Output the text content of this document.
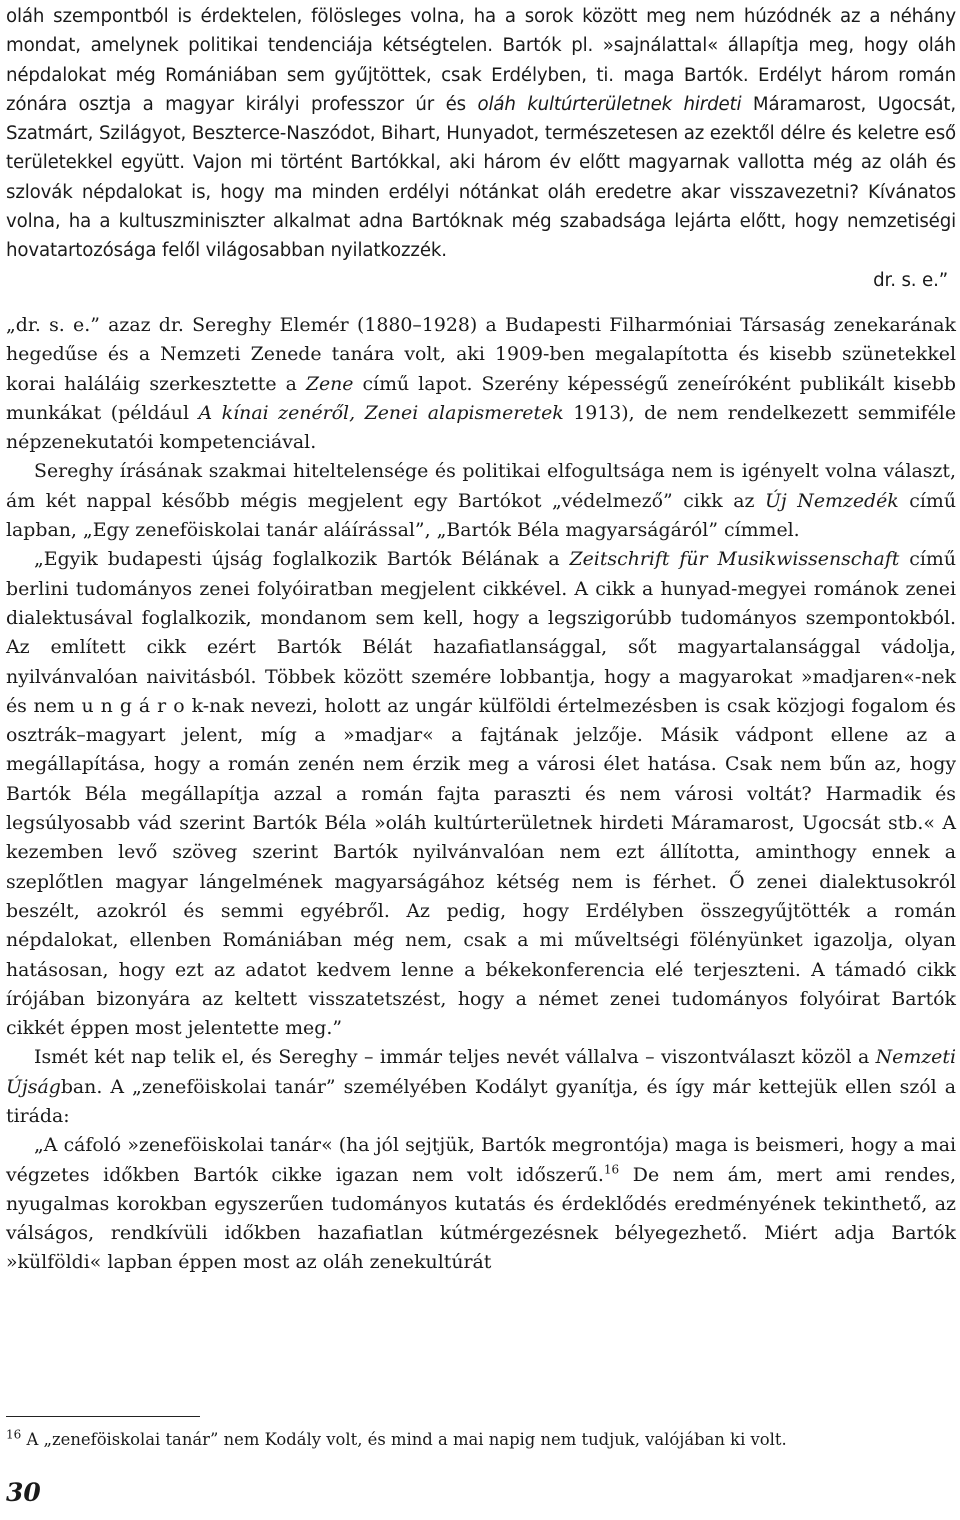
oláh szempontból is érdektelen, fölösleges volna, ha a sorok között meg nem húzódnék az a néhány mondat, amelynek politikai tendenciája kétségtelen. Bartók pl. »sajnálattal« állapítja meg, hogy oláh népdalokat még Romániában sem gyűjtöttek, csak Erdélyben, ti. maga Bartók. Erdélyt három román zónára osztja a magyar királyi professzor úr és oláh kultúrterületnek hirdeti Máramarost, Ugocsát, Szatmárt, Szilágyot, Beszterce-Naszódot, Bihart, Hunyadot, természetesen az ezektől délre és keletre eső területekkel együtt. Vajon mi történt Bartókkal, aki három év előtt magyarnak vallotta még az oláh és szlovák népdalokat is, hogy ma minden erdélyi nótánkat oláh eredetre akar visszavezetni? Kívánatos volna, ha a kultuszminiszter alkalmat adna Bartóknak még szabadsága lejárta előtt, hogy nemzetiségi hovatartozósága felől világosabban nyilatkozzék.

dr. s. e.”

„dr. s. e.” azaz dr. Sereghy Elemér (1880–1928) a Budapesti Filharmóniai Társaság zenekarának hegedűse és a Nemzeti Zenede tanára volt, aki 1909-ben megalapította és kisebb szünetekkel korai haláláig szerkesztette a Zene című lapot. Szerény képességű zeneíróként publikált kisebb munkákat (például A kínai zenéről, Zenei alapismeretek 1913), de nem rendelkezett semmiféle népzenekutatói kompetenciával.

Sereghy írásának szakmai hiteltelensége és politikai elfogultsága nem is igényelt volna választ, ám két nappal később mégis megjelent egy Bartókot „védelmező” cikk az Új Nemzedék című lapban, „Egy zeneföiskolai tanár aláírással”, „Bartók Béla magyarságáról” címmel.

„Egyik budapesti újság foglalkozik Bartók Bélának a Zeitschrift für Musikwissenschaft című berlini tudományos zenei folyóiratban megjelent cikkével. A cikk a hunyad-megyei románok zenei dialektusával foglalkozik, mondanom sem kell, hogy a legszigorúbb tudományos szempontokból. Az említett cikk ezért Bartók Bélát hazafiatlansággal, sőt magyartalansággal vádolja, nyilvánvalóan naivitásból. Többek között szemére lobbantja, hogy a magyarokat »madjaren«-nek és nem ungárok-nak nevezi, holott az ungár külföldi értelmezésben is csak közjogi fogalom és osztrák–magyart jelent, míg a »madjar« a fajtának jelzője. Másik vádpont ellene az a megállapítása, hogy a román zenén nem érzik meg a városi élet hatása. Csak nem bűn az, hogy Bartók Béla megállapítja azzal a román fajta paraszti és nem városi voltát? Harmadik és legsúlyosabb vád szerint Bartók Béla »oláh kultúrterületnek hirdeti Máramarost, Ugocsát stb.« A kezemben levő szöveg szerint Bartók nyilvánvalóan nem ezt állította, aminthogy ennek a szeplőtlen magyar lángelmének magyarságához kétség nem is férhet. Ő zenei dialektusokról beszélt, azokról és semmi egyébről. Az pedig, hogy Erdélyben összegyűjtötték a román népdalokat, ellenben Romániában még nem, csak a mi műveltségi fölényünket igazolja, olyan hatásosan, hogy ezt az adatot kedvem lenne a békekonferencia elé terjeszteni. A támadó cikk írójában bizonyára az keltett visszatetszést, hogy a német zenei tudományos folyóirat Bartók cikkét éppen most jelentette meg.”

Ismét két nap telik el, és Sereghy – immár teljes nevét vállalva – viszontválaszt közöl a Nemzeti Újságban. A „zeneföiskolai tanár” személyében Kodályt gyanítja, és így már kettejük ellen szól a tiráda:

„A cáfoló »zeneföiskolai tanár« (ha jól sejtjük, Bartók megrontója) maga is beismeri, hogy a mai végzetes időkben Bartók cikke igazan nem volt időszerű.$^{16}$ De nem ám, mert ami rendes, nyugalmas korokban egyszerűen tudományos kutatás és érdeklődés eredményének tekinthető, az válságos, rendkívüli időkben hazafiatlan kútmérgezésnek bélyegezhető. Miért adja Bartók »külföldi« lapban éppen most az oláh zenekultúrát

$^{16}$ A „zeneföiskolai tanár” nem Kodály volt, és mind a mai napig nem tudjuk, valójában ki volt.

30
